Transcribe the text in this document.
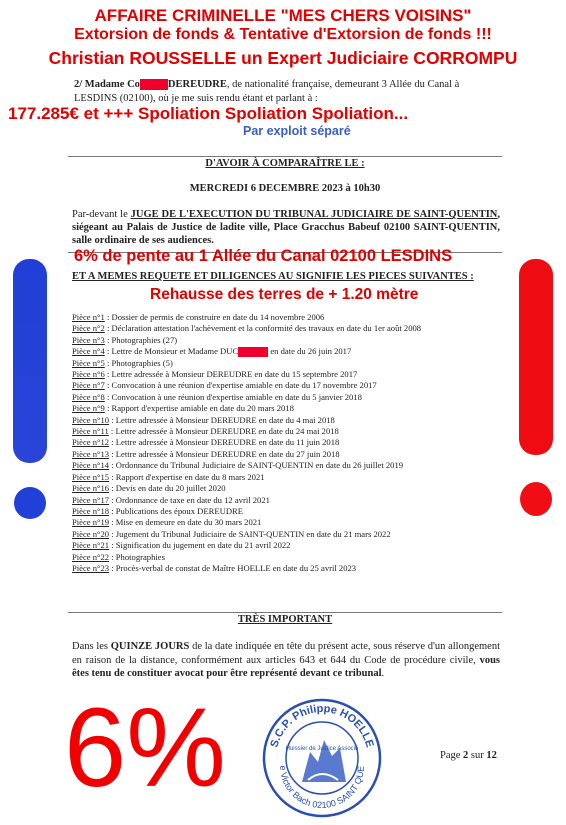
AFFAIRE CRIMINELLE "MES CHERS VOISINS"
Extorsion de fonds & Tentative d'Extorsion de fonds !!!
Christian ROUSSELLE un Expert Judiciaire CORROMPU
2/ Madame Co	DEREUDRE, de nationalité française, demeurant 3 Allée du Canal à LESDINS (02100), où je me suis rendu étant et parlant à :
177.285€ et +++ Spoliation Spoliation Spoliation...
Par exploit séparé
D'AVOIR À COMPARAÎTRE LE :
MERCREDI 6 DECEMBRE 2023 à 10h30
Par-devant le JUGE DE L'EXECUTION DU TRIBUNAL JUDICIAIRE DE SAINT-QUENTIN, siégeant au Palais de Justice de ladite ville, Place Gracchus Babeuf 02100 SAINT-QUENTIN, salle ordinaire de ses audiences.
6% de pente au 1 Allée du Canal 02100 LESDINS
ET A MEMES REQUETE ET DILIGENCES AU SIGNIFIE LES PIECES SUIVANTES :
Rehausse des terres de + 1.20 mètre
Pièce n°1 : Dossier de permis de construire en date du 14 novembre 2006
Pièce n°2 : Déclaration attestation l'achèvement et la conformité des travaux en date du 1er août 2008
Pièce n°3 : Photographies (27)
Pièce n°4 : Lettre de Monsieur et Madame DUC	en date du 26 juin 2017
Pièce n°5 : Photographies (5)
Pièce n°6 : Lettre adressée à Monsieur DEREUDRE en date du 15 septembre 2017
Pièce n°7 : Convocation à une réunion d'expertise amiable en date du 17 novembre 2017
Pièce n°8 : Convocation à une réunion d'expertise amiable en date du 5 janvier 2018
Pièce n°9 : Rapport d'expertise amiable en date du 20 mars 2018
Pièce n°10 : Lettre adressée à Monsieur DEREUDRE en date du 4 mai 2018
Pièce n°11 : Lettre adressée à Monsieur DEREUDRE en date du 24 mai 2018
Pièce n°12 : Lettre adressée à Monsieur DEREUDRE en date du 11 juin 2018
Pièce n°13 : Lettre adressée à Monsieur DEREUDRE en date du 27 juin 2018
Pièce n°14 : Ordonnance du Tribunal Judiciaire de SAINT-QUENTIN en date du 26 juillet 2019
Pièce n°15 : Rapport d'expertise en date du 8 mars 2021
Pièce n°16 : Devis en date du 20 juillet 2020
Pièce n°17 : Ordonnance de taxe en date du 12 avril 2021
Pièce n°18 : Publications des époux DEREUDRE
Pièce n°19 : Mise en demeure en date du 30 mars 2021
Pièce n°20 : Jugement du Tribunal Judiciaire de SAINT-QUENTIN en date du 21 mars 2022
Pièce n°21 : Signification du jugement en date du 21 avril 2022
Pièce n°22 : Photographies
Pièce n°23 : Procès-verbal de constat de Maître HOELLE en date du 25 avril 2023
TRÈS IMPORTANT
Dans les QUINZE JOURS de la date indiquée en tête du présent acte, sous réserve d'un allongement en raison de la distance, conformément aux articles 643 et 644 du Code de procédure civile, vous êtes tenu de constituer avocat pour être représenté devant ce tribunal.
6%	Page 2 sur 12
S.C.P. Philippe HOELLE
e Victor Bach 02100 SAINT QUE
Huissier de Justice Associé
